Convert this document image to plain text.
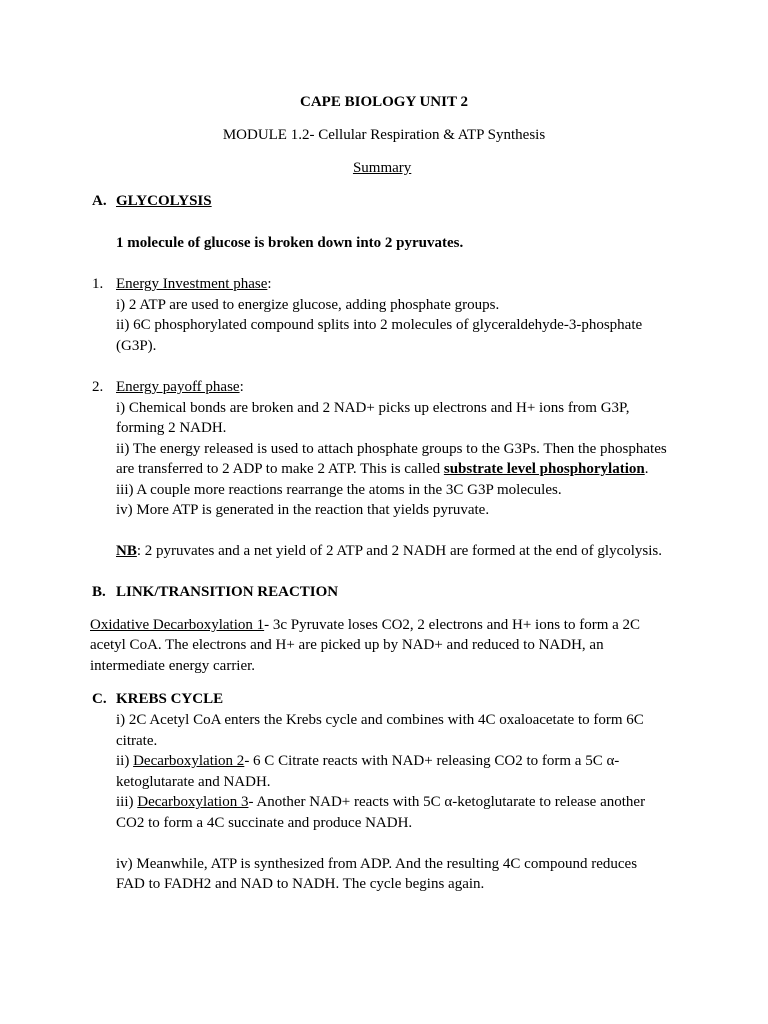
CAPE BIOLOGY UNIT 2
MODULE 1.2- Cellular Respiration & ATP Synthesis
Summary
A. GLYCOLYSIS
1 molecule of glucose is broken down into 2 pyruvates.
1. Energy Investment phase:
i) 2 ATP are used to energize glucose, adding phosphate groups.
ii) 6C phosphorylated compound splits into 2 molecules of glyceraldehyde-3-phosphate
(G3P).
2. Energy payoff phase:
i) Chemical bonds are broken and 2 NAD+ picks up electrons and H+ ions from G3P,
forming 2 NADH.
ii) The energy released is used to attach phosphate groups to the G3Ps. Then the phosphates
are transferred to 2 ADP to make 2 ATP. This is called substrate level phosphorylation.
iii) A couple more reactions rearrange the atoms in the 3C G3P molecules.
iv) More ATP is generated in the reaction that yields pyruvate.
NB: 2 pyruvates and a net yield of 2 ATP and 2 NADH are formed at the end of glycolysis.
B. LINK/TRANSITION REACTION
Oxidative Decarboxylation 1- 3c Pyruvate loses CO2, 2 electrons and H+ ions to form a 2C
acetyl CoA. The electrons and H+ are picked up by NAD+ and reduced to NADH, an
intermediate energy carrier.
C. KREBS CYCLE
i) 2C Acetyl CoA enters the Krebs cycle and combines with 4C oxaloacetate to form 6C
citrate.
ii) Decarboxylation 2- 6 C Citrate reacts with NAD+ releasing CO2 to form a 5C α-
ketoglutarate and NADH.
iii) Decarboxylation 3- Another NAD+ reacts with 5C α-ketoglutarate to release another
CO2 to form a 4C succinate and produce NADH.
iv) Meanwhile, ATP is synthesized from ADP. And the resulting 4C compound reduces
FAD to FADH2 and NAD to NADH. The cycle begins again.
